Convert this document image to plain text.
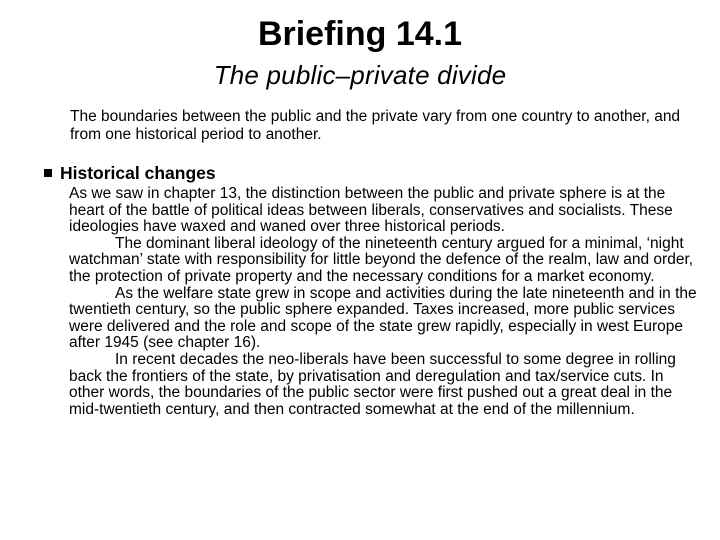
Briefing 14.1
The public–private divide
The boundaries between the public and the private vary from one country to another, and from one historical period to another.
Historical changes

As we saw in chapter 13, the distinction between the public and private sphere is at the heart of the battle of political ideas between liberals, conservatives and socialists. These ideologies have waxed and waned over three historical periods.

The dominant liberal ideology of the nineteenth century argued for a minimal, ‘night watchman’ state with responsibility for little beyond the defence of the realm, law and order, the protection of private property and the necessary conditions for a market economy.

As the welfare state grew in scope and activities during the late nineteenth and in the twentieth century, so the public sphere expanded. Taxes increased, more public services were delivered and the role and scope of the state grew rapidly, especially in west Europe after 1945 (see chapter 16).

In recent decades the neo-liberals have been successful to some degree in rolling back the frontiers of the state, by privatisation and deregulation and tax/service cuts. In other words, the boundaries of the public sector were first pushed out a great deal in the mid-twentieth century, and then contracted somewhat at the end of the millennium.
